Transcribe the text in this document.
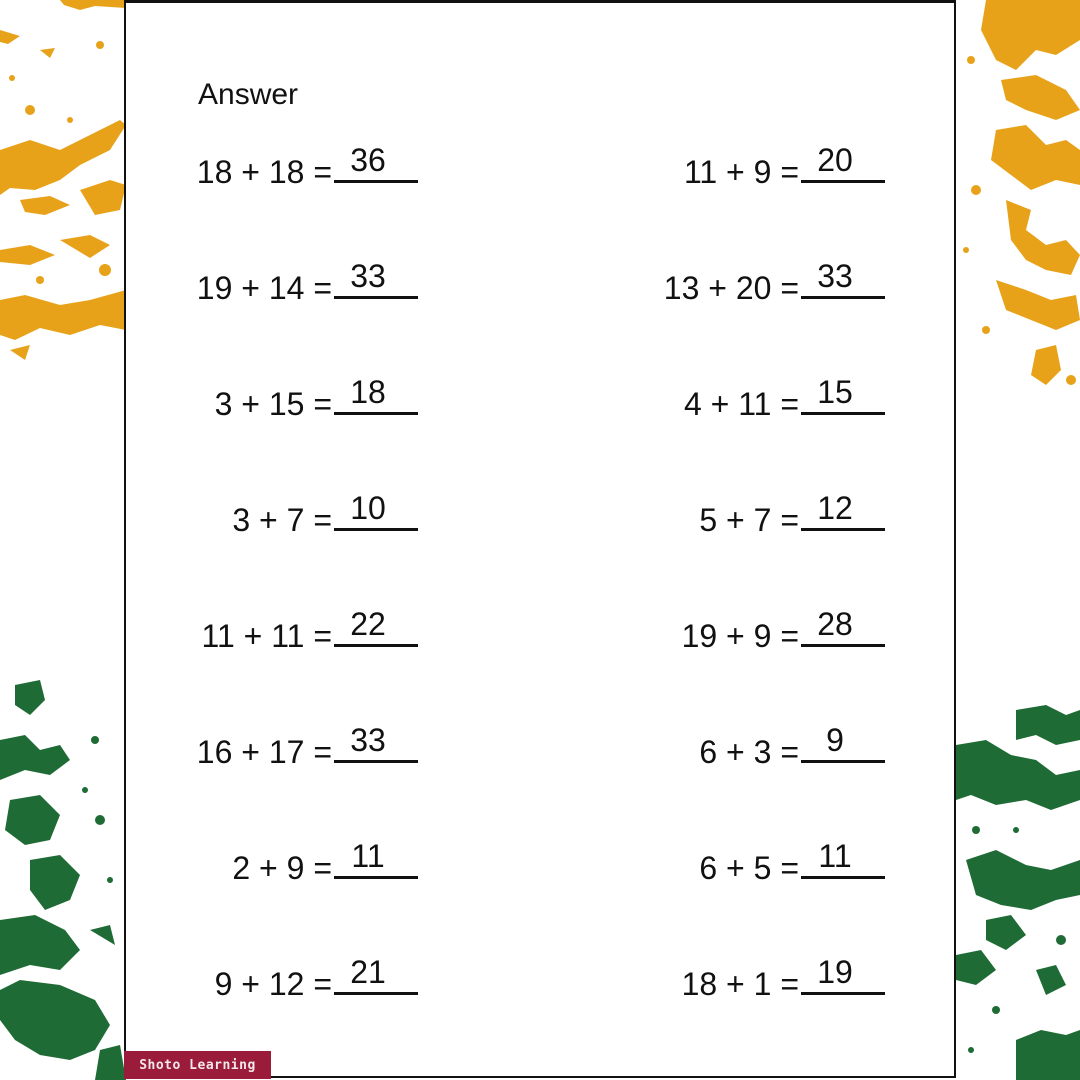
Answer
18 + 18 = 36
19 + 14 = 33
3 + 15 = 18
3 + 7 = 10
11 + 11 = 22
16 + 17 = 33
2 + 9 = 11
9 + 12 = 21
11 + 9 = 20
13 + 20 = 33
4 + 11 = 15
5 + 7 = 12
19 + 9 = 28
6 + 3 = 9
6 + 5 = 11
18 + 1 = 19
Shoto Learning
